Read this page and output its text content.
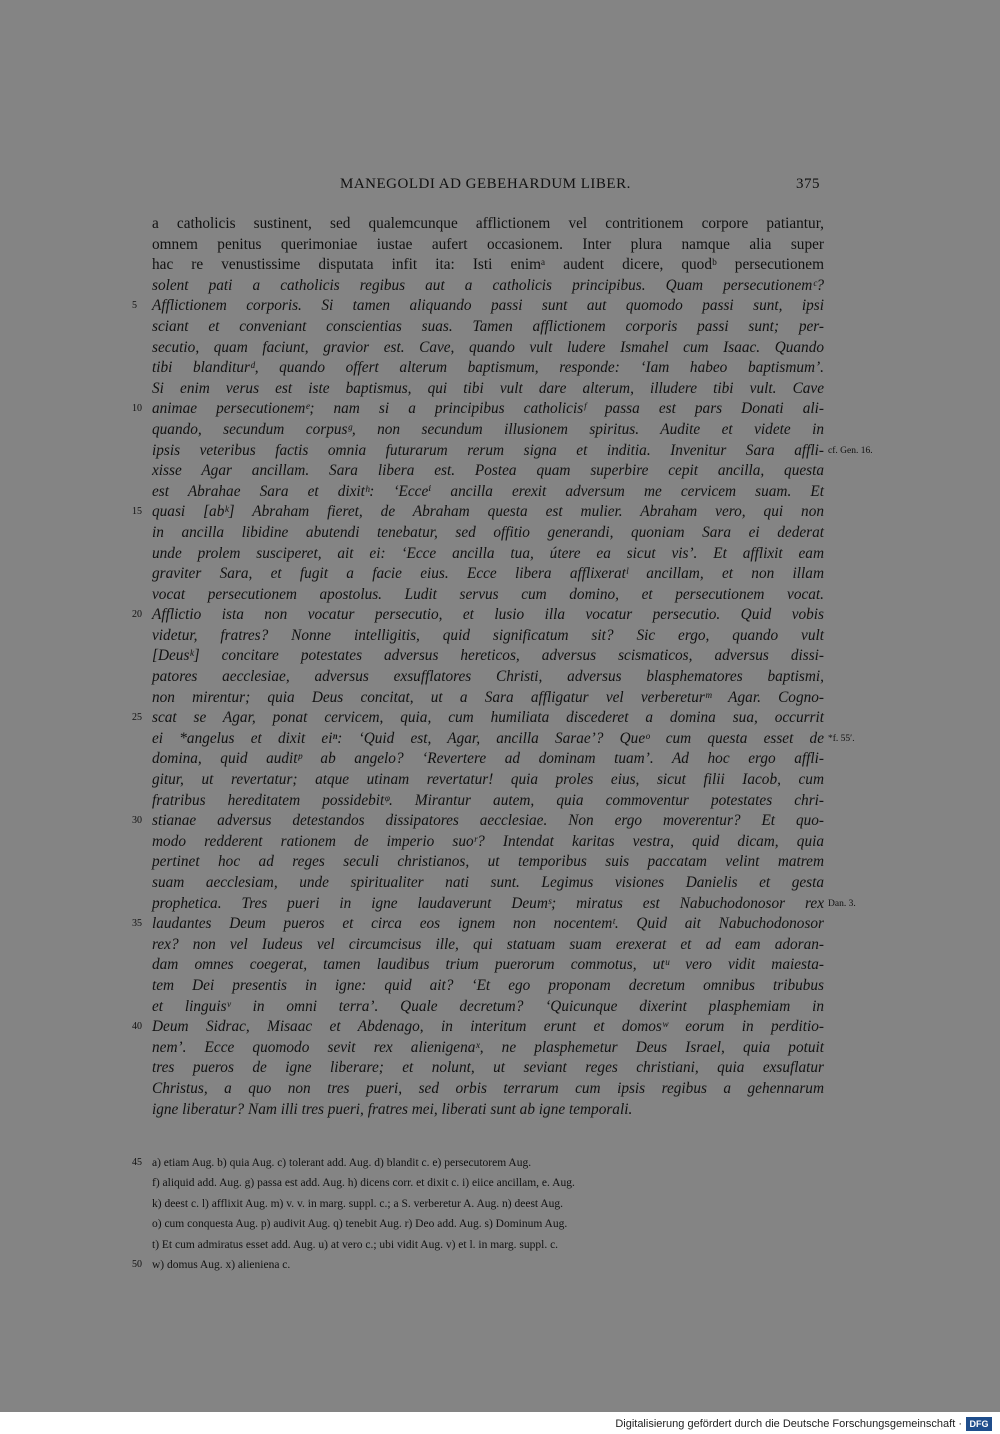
MANEGOLDI AD GEBEHARDUM LIBER.	375
a catholicis sustinent, sed qualemcunque afflictionem vel contritionem corpore patiantur,
omnem penitus querimoniae iustae aufert occasionem. Inter plura namque alia super
hac re venustissime disputata infit ita: Isti enimᵃ audent dicere, quodᵇ persecutionem
solent pati a catholicis regibus aut a catholicis principibus. Quam persecutionemᶜ?
5 Afflictionem corporis. Si tamen aliquando passi sunt aut quomodo passi sunt, ipsi
sciant et conveniant conscientias suas. Tamen afflictionem corporis passi sunt; per-
secutio, quam faciunt, gravior est. Cave, quando vult ludere Ismahel cum Isaac. Quando
tibi blanditurᵈ, quando offert alterum baptismum, responde: ‘Iam habeo baptismum’.
Si enim verus est iste baptismus, qui tibi vult dare alterum, illudere tibi vult. Cave
10 animae persecutionemᵉ; nam si a principibus catholicisᶠ passa est pars Donati ali-
quando, secundum corpusᵍ, non secundum illusionem spiritus. Audite et videte in
ipsis veteribus factis omnia futurarum rerum signa et inditia. Invenitur Sara affli- cf. Gen. 16.
xisse Agar ancillam. Sara libera est. Postea quam superbire cepit ancilla, questa
est Abrahae Sara et dixitʰ: ‘Ecceⁱ ancilla erexit adversum me cervicem suam. Et
15 quasi [abᵏ] Abraham fieret, de Abraham questa est mulier. Abraham vero, qui non
in ancilla libidine abutendi tenebatur, sed offitio generandi, quoniam Sara ei dederat
unde prolem susciperet, ait ei: ‘Ecce ancilla tua, útere ea sicut vis’. Et afflixit eam
graviter Sara, et fugit a facie eius. Ecce libera afflixeratˡ ancillam, et non illam
vocat persecutionem apostolus. Ludit servus cum domino, et persecutionem vocat.
20 Afflictio ista non vocatur persecutio, et lusio illa vocatur persecutio. Quid vobis
videtur, fratres? Nonne intelligitis, quid significatum sit? Sic ergo, quando vult
[Deusᵏ] concitare potestates adversus hereticos, adversus scismaticos, adversus dissi-
patores aecclesiae, adversus exsufflatores Christi, adversus blasphematores baptismi,
non mirentur; quia Deus concitat, ut a Sara affligatur vel verbereturᵐ Agar. Cogno-
25 scat se Agar, ponat cervicem, quia, cum humiliata discederet a domina sua, occurrit
ei *angelus et dixit eiⁿ: ‘Quid est, Agar, ancilla Sarae’? Queᵒ cum questa esset de *f. 55′.
domina, quid auditᵖ ab angelo? ‘Revertere ad dominam tuam’. Ad hoc ergo affli-
gitur, ut revertatur; atque utinam revertatur! quia proles eius, sicut filii Iacob, cum
fratribus hereditatem possidebitᵠ. Mirantur autem, quia commoventur potestates chri-
30 stianae adversus detestandos dissipatores aecclesiae. Non ergo moverentur? Et quo-
modo redderent rationem de imperio suoʳ? Intendat karitas vestra, quid dicam, quia
pertinet hoc ad reges seculi christianos, ut temporibus suis paccatam velint matrem
suam aecclesiam, unde spiritualiter nati sunt. Legimus visiones Danielis et gesta
prophetica. Tres pueri in igne laudaverunt Deumˢ; miratus est Nabuchodonosor rex Dan. 3.
35 laudantes Deum pueros et circa eos ignem non nocentemᵗ. Quid ait Nabuchodonosor
rex? non vel Iudeus vel circumcisus ille, qui statuam suam erexerat et ad eam adoran-
dam omnes coegerat, tamen laudibus trium puerorum commotus, utᵘ vero vidit maiesta-
tem Dei presentis in igne: quid ait? ‘Et ego proponam decretum omnibus tribubus
et linguisᵛ in omni terra’. Quale decretum? ‘Quicunque dixerint plasphemiam in
40 Deum Sidrac, Misaac et Abdenago, in interitum erunt et domosʷ eorum in perditio-
nem’. Ecce quomodo sevit rex alienigenaˣ, ne plasphemetur Deus Israel, quia potuit
tres pueros de igne liberare; et nolunt, ut seviant reges christiani, quia exsuflatur
Christus, a quo non tres pueri, sed orbis terrarum cum ipsis regibus a gehennarum
igne liberatur? Nam illi tres pueri, fratres mei, liberati sunt ab igne temporali.
45 a) etiam Aug. b) quia Aug. c) tolerant add. Aug. d) blandit c. e) persecutorem Aug.
f) aliquid add. Aug. g) passa est add. Aug. h) dicens corr. et dixit c. i) eiice ancillam, e. Aug.
k) deest c. l) afflixit Aug. m) v. v. in marg. suppl. c.; a S. verberetur A. Aug. n) deest Aug.
o) cum conquesta Aug. p) audivit Aug. q) tenebit Aug. r) Deo add. Aug. s) Dominum Aug.
t) Et cum admiratus esset add. Aug. u) at vero c.; ubi vidit Aug. v) et l. in marg. suppl. c.
50 w) domus Aug. x) alieniena c.
Digitalisierung gefördert durch die Deutsche Forschungsgemeinschaft · DFG
